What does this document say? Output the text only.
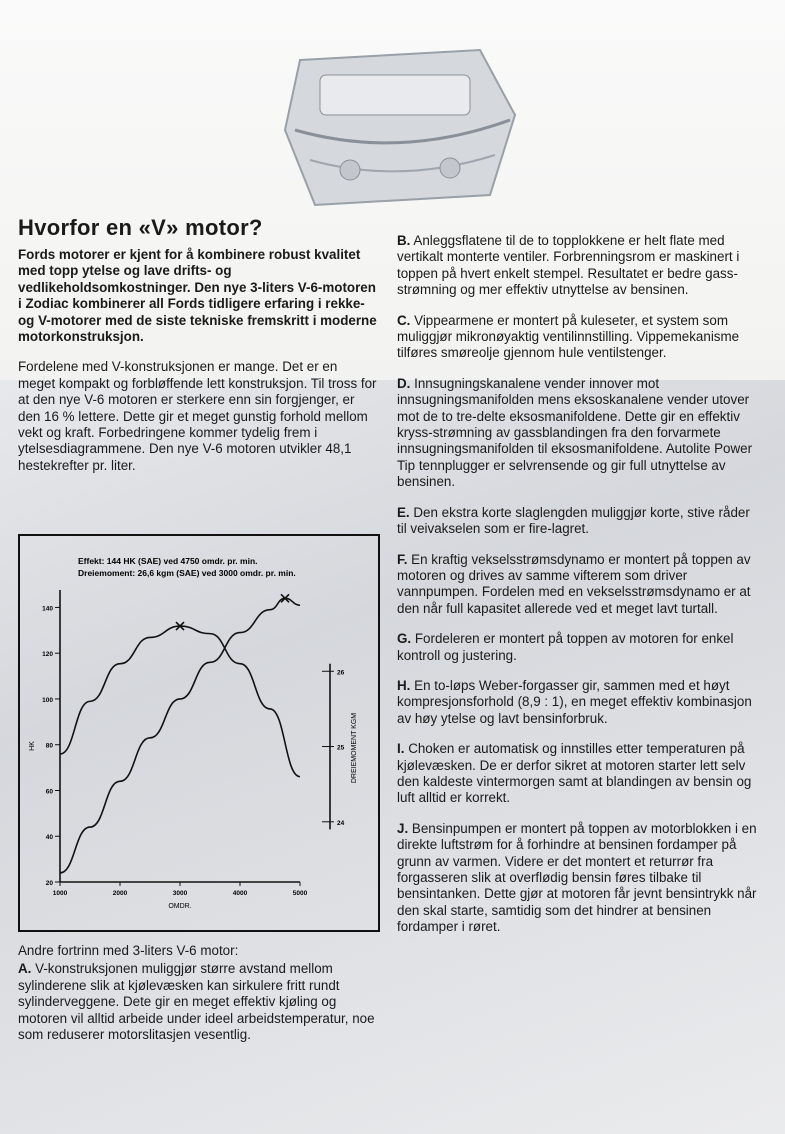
Hvorfor en «V» motor?

Fords motorer er kjent for å kombinere robust kvalitet med topp ytelse og lave drifts- og vedlikeholdsomkostninger. Den nye 3-liters V-6-motoren i Zodiac kombinerer all Fords tidligere erfaring i rekke- og V-motorer med de siste tekniske fremskritt i moderne motorkonstruksjon.

Fordelene med V-konstruksjonen er mange. Det er en meget kompakt og forbløffende lett konstruksjon. Til tross for at den nye V-6 motoren er sterkere enn sin forgjenger, er den 16 % lettere. Dette gir et meget gunstig forhold mellom vekt og kraft. Forbedringene kommer tydelig frem i ytelsesdiagrammene. Den nye V-6 motoren utvikler 48,1 hestekrefter pr. liter.

Effekt: 144 HK (SAE) ved 4750 omdr. pr. min.
Dreiemoment: 26,6 kgm (SAE) ved 3000 omdr. pr. min.
20
40
60
80
100
120
140
1000	2000	3000	4000	5000
OMDR.
HK
24
25
26
DREIEMOMENT KGM

Andre fortrinn med 3-liters V-6 motor:

A. V-konstruksjonen muliggjør større avstand mellom sylinderene slik at kjølevæsken kan sirkulere fritt rundt sylinderveggene. Dete gir en meget effektiv kjøling og motoren vil alltid arbeide under ideel arbeidstemperatur, noe som reduserer motorslitasjen vesentlig.

B. Anleggsflatene til de to topplokkene er helt flate med vertikalt monterte ventiler. Forbrenningsrom er maskinert i toppen på hvert enkelt stempel. Resultatet er bedre gass-strømning og mer effektiv utnyttelse av bensinen.

C. Vippearmene er montert på kuleseter, et system som muliggjør mikronøyaktig ventilinnstilling. Vippemekanisme tilføres smøreolje gjennom hule ventilstenger.

D. Innsugningskanalene vender innover mot innsugningsmanifolden mens eksoskanalene vender utover mot de to tre-delte eksosmanifoldene. Dette gir en effektiv kryss-strømning av gassblandingen fra den forvarmete innsugningsmanifolden til eksosmanifoldene. Autolite Power Tip tennplugger er selvrensende og gir full utnyttelse av bensinen.

E. Den ekstra korte slaglengden muliggjør korte, stive råder til veivakselen som er fire-lagret.

F. En kraftig vekselsstrømsdynamo er montert på toppen av motoren og drives av samme vifterem som driver vannpumpen. Fordelen med en vekselsstrømsdynamo er at den når full kapasitet allerede ved et meget lavt turtall.

G. Fordeleren er montert på toppen av motoren for enkel kontroll og justering.

H. En to-løps Weber-forgasser gir, sammen med et høyt kompresjonsforhold (8,9 : 1), en meget effektiv kombinasjon av høy ytelse og lavt bensinforbruk.

I. Choken er automatisk og innstilles etter temperaturen på kjølevæsken. De er derfor sikret at motoren starter lett selv den kaldeste vintermorgen samt at blandingen av bensin og luft alltid er korrekt.

J. Bensinpumpen er montert på toppen av motorblokken i en direkte luftstrøm for å forhindre at bensinen fordamper på grunn av varmen. Videre er det montert et returrør fra forgasseren slik at overflødig bensin føres tilbake til bensintanken. Dette gjør at motoren får jevnt bensintrykk når den skal starte, samtidig som det hindrer at bensinen fordamper i røret.
